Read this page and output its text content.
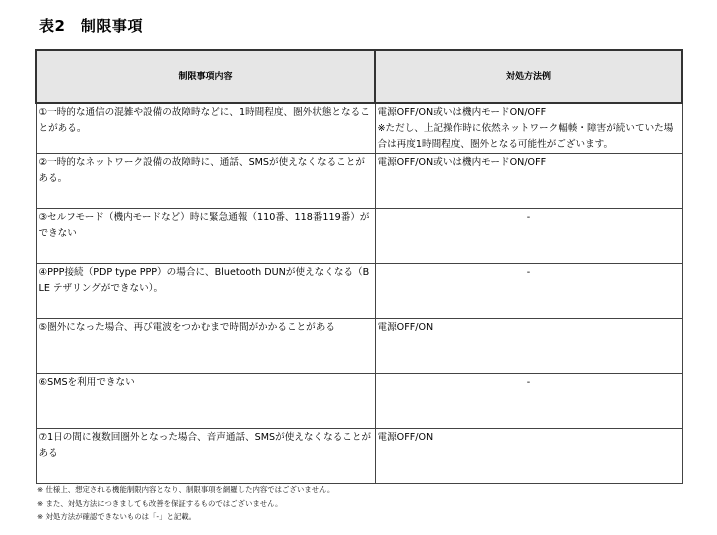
表2　制限事項
制限事項内容	対処方法例
①一時的な通信の混雑や設備の故障時などに、1時間程度、圏外状態となることがある。	電源OFF/ON或いは機内モードON/OFF
※ただし、上記操作時に依然ネットワーク輻輳・障害が続いていた場合は再度1時間程度、圏外となる可能性がございます。
②一時的なネットワーク設備の故障時に、通話、SMSが使えなくなることがある。	電源OFF/ON或いは機内モードON/OFF
③セルフモード（機内モードなど）時に緊急通報（110番、118番119番）ができない	-
④PPP接続（PDP type PPP）の場合に、Bluetooth DUNが使えなくなる（BLE テザリングができない）。	-
⑤圏外になった場合、再び電波をつかむまで時間がかかることがある	電源OFF/ON
⑥SMSを利用できない	-
⑦1日の間に複数回圏外となった場合、音声通話、SMSが使えなくなることがある	電源OFF/ON
※ 仕様上、想定される機能制限内容となり、制限事項を網羅した内容ではございません。
※ また、対処方法につきましても改善を保証するものではございません。
※ 対処方法が確認できないものは「-」と記載。
